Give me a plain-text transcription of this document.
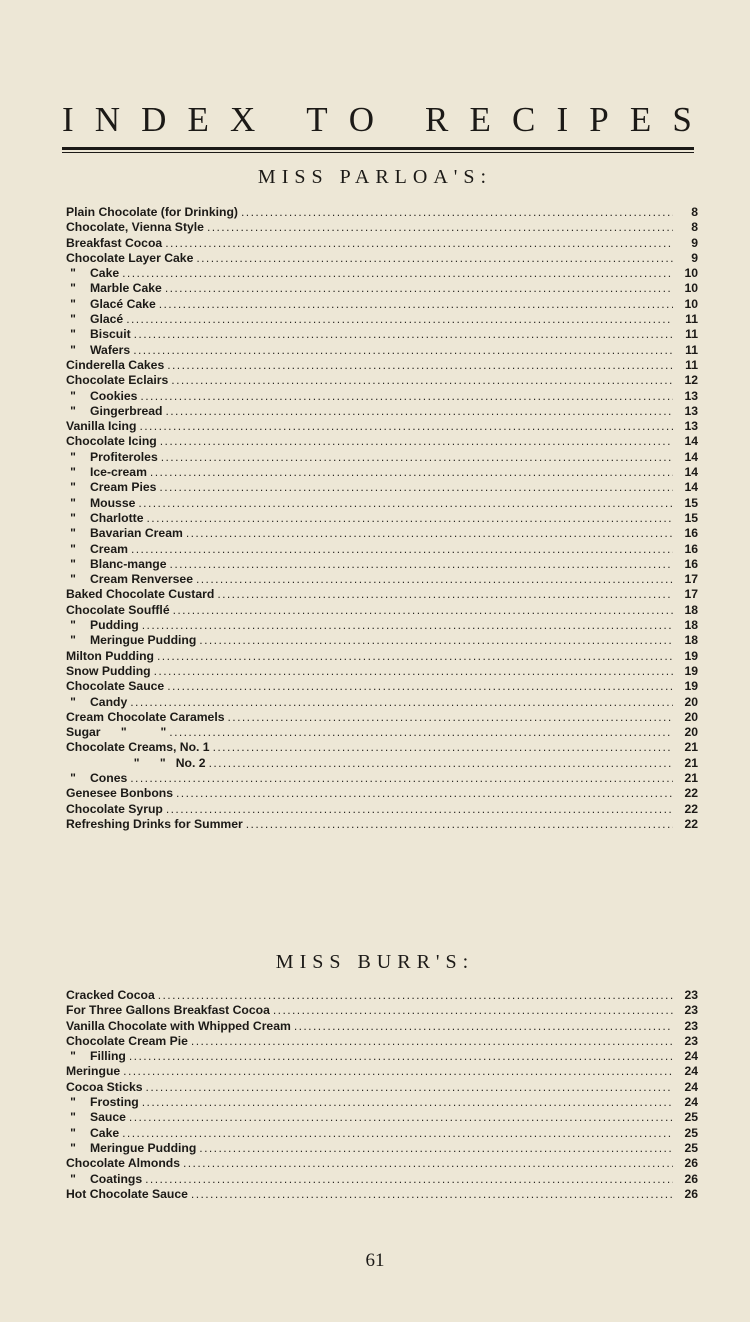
I N D E X
T O
R E C I P E S
MISS PARLOA'S:
Plain Chocolate (for Drinking) .....	8
Chocolate, Vienna Style .....	8
Breakfast Cocoa .....	9
Chocolate Layer Cake .....	9
" Cake .....	10
" Marble Cake .....	10
" Glacé Cake .....	10
" Glacé .....	11
" Biscuit .....	11
" Wafers .....	11
Cinderella Cakes .....	11
Chocolate Eclairs .....	12
" Cookies .....	13
" Gingerbread .....	13
Vanilla Icing .....	13
Chocolate Icing .....	14
" Profiteroles .....	14
" Ice-cream .....	14
" Cream Pies .....	14
" Mousse .....	15
" Charlotte .....	15
" Bavarian Cream .....	16
" Cream .....	16
" Blanc-mange .....	16
" Cream Renversee .....	17
Baked Chocolate Custard .....	17
Chocolate Soufflé .....	18
" Pudding .....	18
" Meringue Pudding .....	18
Milton Pudding .....	19
Snow Pudding .....	19
Chocolate Sauce .....	19
" Candy .....	20
Cream Chocolate Caramels .....	20
Sugar      "          " .....	20
Chocolate Creams, No. 1 .....	21
"      "   No. 2 .....	21
" Cones .....	21
Genesee Bonbons .....	22
Chocolate Syrup .....	22
Refreshing Drinks for Summer .....	22
MISS BURR'S:
Cracked Cocoa .....	23
For Three Gallons Breakfast Cocoa .....	23
Vanilla Chocolate with Whipped Cream .....	23
Chocolate Cream Pie .....	23
" Filling .....	24
Meringue .....	24
Cocoa Sticks .....	24
" Frosting .....	24
" Sauce .....	25
" Cake .....	25
" Meringue Pudding .....	25
Chocolate Almonds .....	26
" Coatings .....	26
Hot Chocolate Sauce .....	26
61
